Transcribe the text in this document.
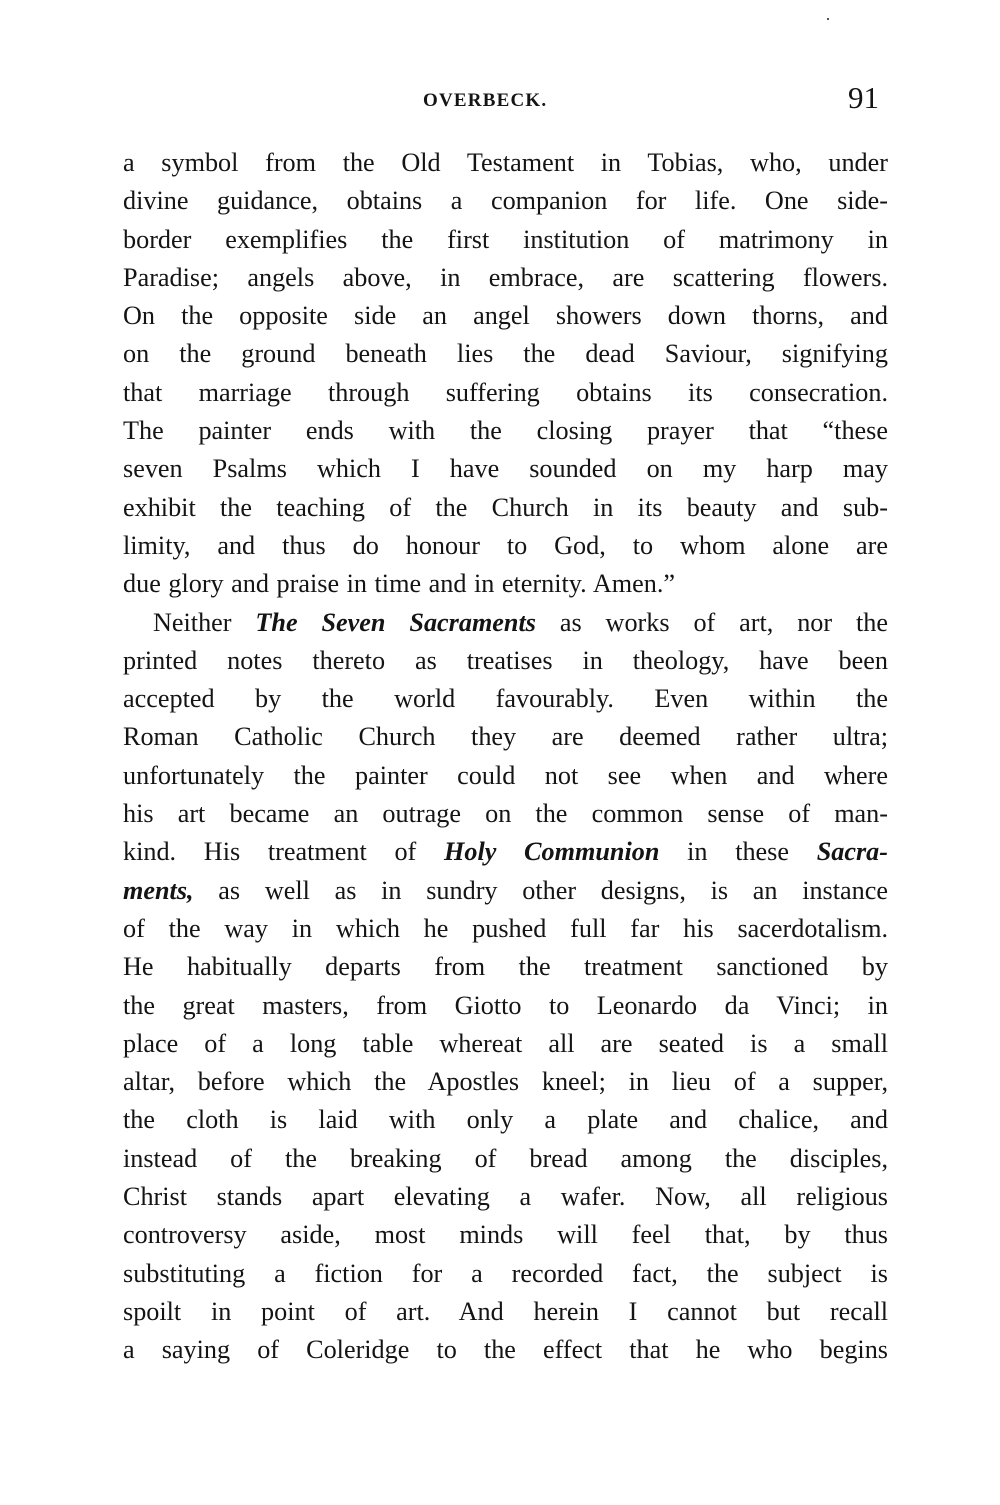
OVERBECK.	91
a symbol from the Old Testament in Tobias, who, under
divine guidance, obtains a companion for life. One side-
border exemplifies the first institution of matrimony in
Paradise; angels above, in embrace, are scattering flowers.
On the opposite side an angel showers down thorns, and
on the ground beneath lies the dead Saviour, signifying
that marriage through suffering obtains its consecration.
The painter ends with the closing prayer that “these
seven Psalms which I have sounded on my harp may
exhibit the teaching of the Church in its beauty and sub-
limity, and thus do honour to God, to whom alone are
due glory and praise in time and in eternity. Amen.”
Neither The Seven Sacraments as works of art, nor the
printed notes thereto as treatises in theology, have been
accepted by the world favourably. Even within the
Roman Catholic Church they are deemed rather ultra;
unfortunately the painter could not see when and where
his art became an outrage on the common sense of man-
kind. His treatment of Holy Communion in these Sacra-
ments, as well as in sundry other designs, is an instance
of the way in which he pushed full far his sacerdotalism.
He habitually departs from the treatment sanctioned by
the great masters, from Giotto to Leonardo da Vinci; in
place of a long table whereat all are seated is a small
altar, before which the Apostles kneel; in lieu of a supper,
the cloth is laid with only a plate and chalice, and
instead of the breaking of bread among the disciples,
Christ stands apart elevating a wafer. Now, all religious
controversy aside, most minds will feel that, by thus
substituting a fiction for a recorded fact, the subject is
spoilt in point of art. And herein I cannot but recall
a saying of Coleridge to the effect that he who begins
